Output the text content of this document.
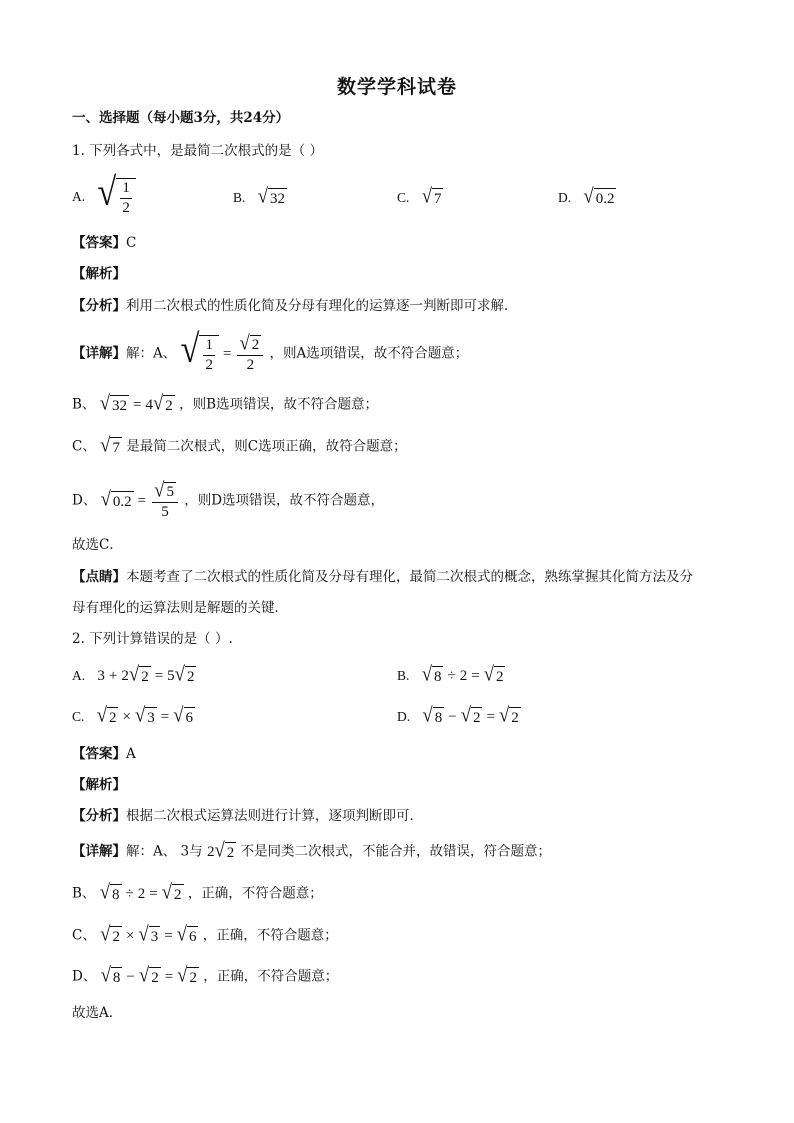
数学学科试卷
一、选择题（每小题3分，共24分）
1. 下列各式中，是最简二次根式的是（ ）
A. √ $\frac{1}{2}$	B. √ 32	C. √ 7	D. √ 0.2
【答案】C
【解析】
【分析】利用二次根式的性质化简及分母有理化的运算逐一判断即可求解．
【详解】解：A、 √ $\frac{1}{2} = \frac{√ 2}{2}$ ，则A选项错误，故不符合题意；
B、 √ 32 = 4 √ 2 ，则B选项错误，故不符合题意；
C、 √ 7 是最简二次根式，则C选项正确，故符合题意；
D、 √ $0.2 = \frac{√ 5}{5}$ ，则D选项错误，故不符合题意，
故选C．
【点睛】本题考查了二次根式的性质化简及分母有理化，最简二次根式的概念，熟练掌握其化简方法及分
母有理化的运算法则是解题的关键．
2. 下列计算错误的是（ ）.
A. 3 + 2 √ 2 = 5 √ 2	B. √ 8 ÷ 2 = √ 2
C. √ 2 × √ 3 = √ 6	D. √ 8 − √ 2 = √ 2
【答案】A
【解析】
【分析】根据二次根式运算法则进行计算，逐项判断即可．
【详解】解：A、 3与 2 √ 2 不是同类二次根式，不能合并，故错误，符合题意；
B、 √ 8 ÷ 2 = √ 2 ，正确，不符合题意；
C、 √ 2 × √ 3 = √ 6 ，正确，不符合题意；
D、 √ 8 − √ 2 = √ 2 ，正确，不符合题意；
故选A．
